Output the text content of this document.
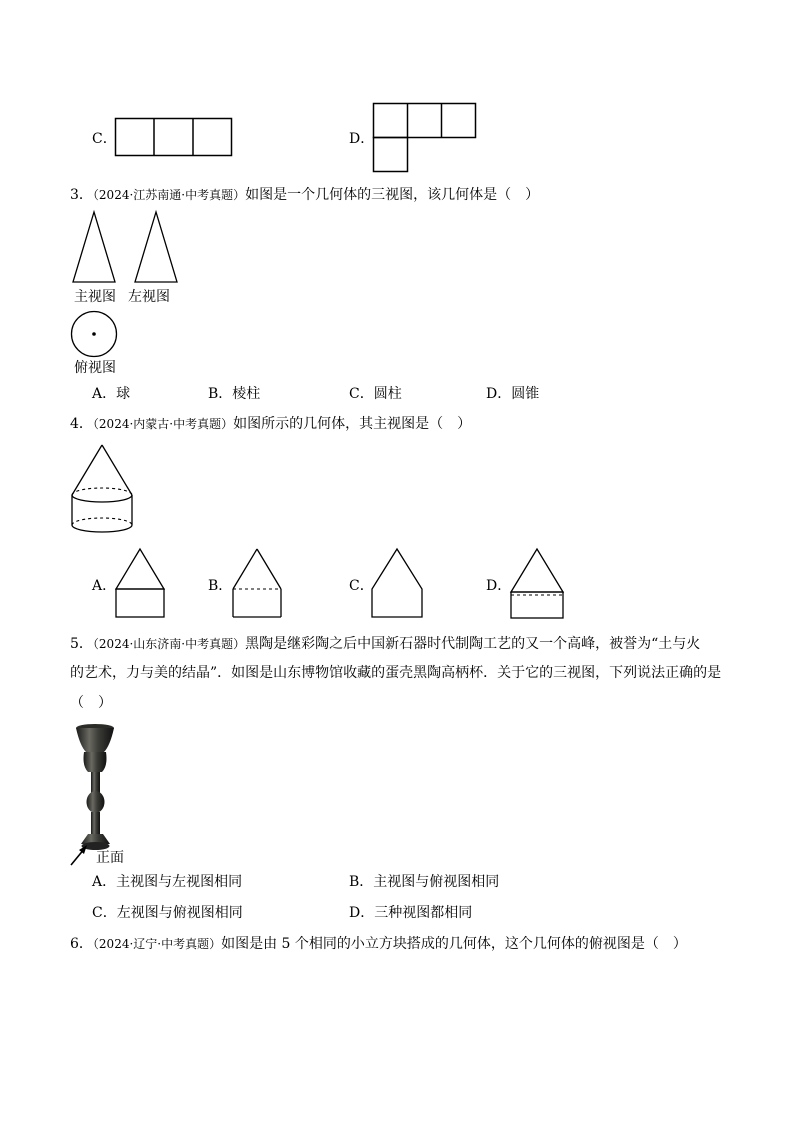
C．	D．
3．（2024·江苏南通·中考真题）如图是一个几何体的三视图，该几何体是（　）
主视图 左视图
俯视图
A．球	B．棱柱	C．圆柱	D．圆锥
4．（2024·内蒙古·中考真题）如图所示的几何体，其主视图是（　）
A．	B．	C．	D．
5．（2024·山东济南·中考真题）黑陶是继彩陶之后中国新石器时代制陶工艺的又一个高峰，被誉为“土与火
的艺术，力与美的结晶”．如图是山东博物馆收藏的蛋壳黑陶高柄杯．关于它的三视图，下列说法正确的是
（　）
正面
A．主视图与左视图相同	B．主视图与俯视图相同
C．左视图与俯视图相同	D．三种视图都相同
6．（2024·辽宁·中考真题）如图是由 5 个相同的小立方块搭成的几何体，这个几何体的俯视图是（　）
